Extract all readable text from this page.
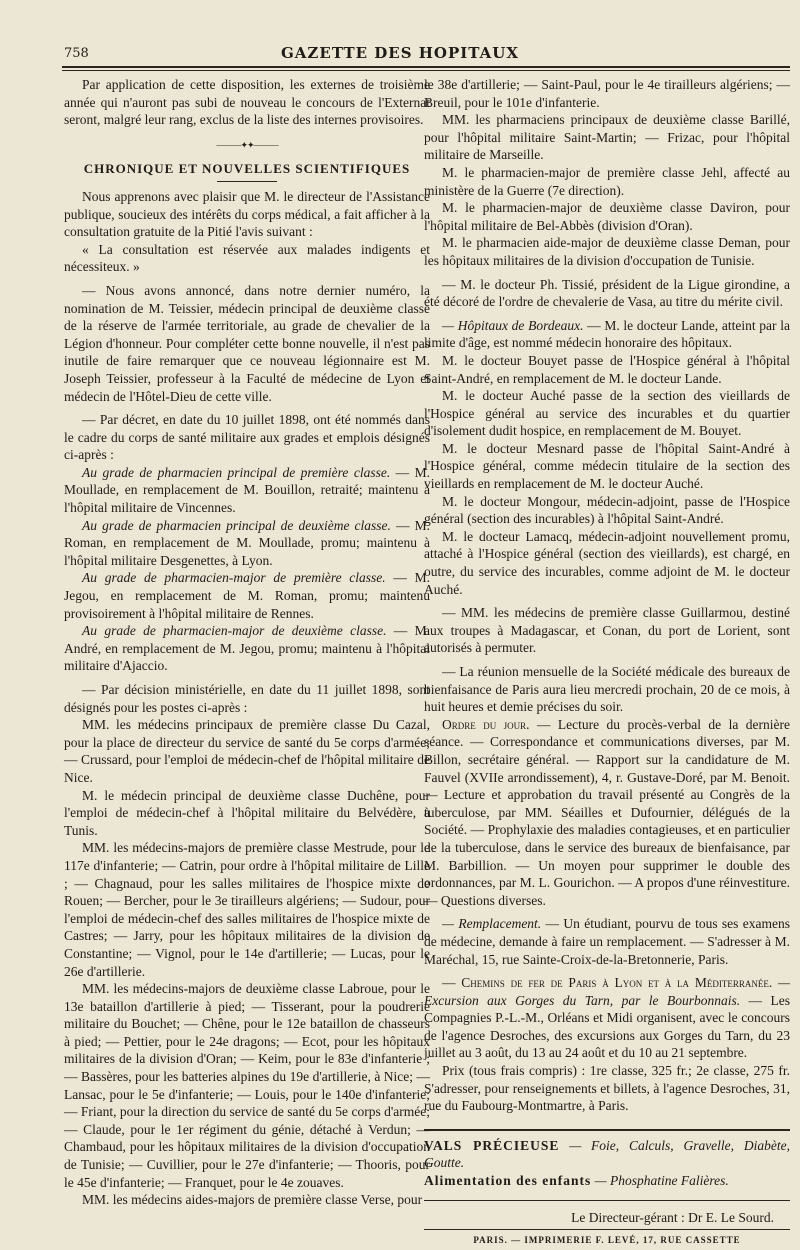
758	GAZETTE DES HOPITAUX

Par application de cette disposition, les externes de troisième année qui n'auront pas subi de nouveau le concours de l'Externat seront, malgré leur rang, exclus de la liste des internes provisoires.

———✦✦———
CHRONIQUE ET NOUVELLES SCIENTIFIQUES

Nous apprenons avec plaisir que M. le directeur de l'Assistance publique, soucieux des intérêts du corps médical, a fait afficher à la consultation gratuite de la Pitié l'avis suivant :

« La consultation est réservée aux malades indigents et nécessiteux. »

— Nous avons annoncé, dans notre dernier numéro, la nomination de M. Teissier, médecin principal de deuxième classe de la réserve de l'armée territoriale, au grade de chevalier de la Légion d'honneur. Pour compléter cette bonne nouvelle, il n'est pas inutile de faire remarquer que ce nouveau légionnaire est M. Joseph Teissier, professeur à la Faculté de médecine de Lyon et médecin de l'Hôtel-Dieu de cette ville.

— Par décret, en date du 10 juillet 1898, ont été nommés dans le cadre du corps de santé militaire aux grades et emplois désignés ci-après :

Au grade de pharmacien principal de première classe. — M. Moullade, en remplacement de M. Bouillon, retraité; maintenu à l'hôpital militaire de Vincennes.

Au grade de pharmacien principal de deuxième classe. — M. Roman, en remplacement de M. Moullade, promu; maintenu à l'hôpital militaire Desgenettes, à Lyon.

Au grade de pharmacien-major de première classe. — M. Jegou, en remplacement de M. Roman, promu; maintenu provisoirement à l'hôpital militaire de Rennes.

Au grade de pharmacien-major de deuxième classe. — M. André, en remplacement de M. Jegou, promu; maintenu à l'hôpital militaire d'Ajaccio.

— Par décision ministérielle, en date du 11 juillet 1898, sont désignés pour les postes ci-après :

MM. les médecins principaux de première classe Du Cazal, pour la place de directeur du service de santé du 5e corps d'armée; — Crussard, pour l'emploi de médecin-chef de l'hôpital militaire de Nice.

M. le médecin principal de deuxième classe Duchêne, pour l'emploi de médecin-chef à l'hôpital militaire du Belvédère, à Tunis.

MM. les médecins-majors de première classe Mestrude, pour le 117e d'infanterie; — Catrin, pour ordre à l'hôpital militaire de Lille ; — Chagnaud, pour les salles militaires de l'hospice mixte de Rouen; — Bercher, pour le 3e tirailleurs algériens; — Sudour, pour l'emploi de médecin-chef des salles militaires de l'hospice mixte de Castres; — Jarry, pour les hôpitaux militaires de la division de Constantine; — Vignol, pour le 14e d'artillerie; — Lucas, pour le 26e d'artillerie.

MM. les médecins-majors de deuxième classe Labroue, pour le 13e bataillon d'artillerie à pied; — Tisserant, pour la poudrerie militaire du Bouchet; — Chêne, pour le 12e bataillon de chasseurs à pied; — Pettier, pour le 24e dragons; — Ecot, pour les hôpitaux militaires de la division d'Oran; — Keim, pour le 83e d'infanterie ; — Bassères, pour les batteries alpines du 19e d'artillerie, à Nice; — Lansac, pour le 5e d'infanterie; — Louis, pour le 140e d'infanterie; — Friant, pour la direction du service de santé du 5e corps d'armée; — Claude, pour le 1er régiment du génie, détaché à Verdun; — Chambaud, pour les hôpitaux militaires de la division d'occupation de Tunisie; — Cuvillier, pour le 27e d'infanterie; — Thooris, pour le 45e d'infanterie; — Franquet, pour le 4e zouaves.

MM. les médecins aides-majors de première classe Verse, pour

le 38e d'artillerie; — Saint-Paul, pour le 4e tirailleurs algériens; — Breuil, pour le 101e d'infanterie.

MM. les pharmaciens principaux de deuxième classe Barillé, pour l'hôpital militaire Saint-Martin; — Frizac, pour l'hôpital militaire de Marseille.

M. le pharmacien-major de première classe Jehl, affecté au ministère de la Guerre (7e direction).

M. le pharmacien-major de deuxième classe Daviron, pour l'hôpital militaire de Bel-Abbès (division d'Oran).

M. le pharmacien aide-major de deuxième classe Deman, pour les hôpitaux militaires de la division d'occupation de Tunisie.

— M. le docteur Ph. Tissié, président de la Ligue girondine, a été décoré de l'ordre de chevalerie de Vasa, au titre du mérite civil.

— Hôpitaux de Bordeaux. — M. le docteur Lande, atteint par la limite d'âge, est nommé médecin honoraire des hôpitaux.

M. le docteur Bouyet passe de l'Hospice général à l'hôpital Saint-André, en remplacement de M. le docteur Lande.

M. le docteur Auché passe de la section des vieillards de l'Hospice général au service des incurables et du quartier d'isolement dudit hospice, en remplacement de M. Bouyet.

M. le docteur Mesnard passe de l'hôpital Saint-André à l'Hospice général, comme médecin titulaire de la section des vieillards en remplacement de M. le docteur Auché.

M. le docteur Mongour, médecin-adjoint, passe de l'Hospice général (section des incurables) à l'hôpital Saint-André.

M. le docteur Lamacq, médecin-adjoint nouvellement promu, attaché à l'Hospice général (section des vieillards), est chargé, en outre, du service des incurables, comme adjoint de M. le docteur Auché.

— MM. les médecins de première classe Guillarmou, destiné aux troupes à Madagascar, et Conan, du port de Lorient, sont autorisés à permuter.

— La réunion mensuelle de la Société médicale des bureaux de bienfaisance de Paris aura lieu mercredi prochain, 20 de ce mois, à huit heures et demie précises du soir.

Ordre du jour. — Lecture du procès-verbal de la dernière séance. — Correspondance et communications diverses, par M. Billon, secrétaire général. — Rapport sur la candidature de M. Fauvel (XVIIe arrondissement), 4, r. Gustave-Doré, par M. Benoit. — Lecture et approbation du travail présenté au Congrès de la tuberculose, par MM. Séailles et Dufournier, délégués de la Société. — Prophylaxie des maladies contagieuses, et en particulier de la tuberculose, dans le service des bureaux de bienfaisance, par M. Barbillion. — Un moyen pour supprimer le double des ordonnances, par M. L. Gourichon. — A propos d'une réinvestiture. — Questions diverses.

— Remplacement. — Un étudiant, pourvu de tous ses examens de médecine, demande à faire un remplacement. — S'adresser à M. Maréchal, 15, rue Sainte-Croix-de-la-Bretonnerie, Paris.

— Chemins de fer de Paris à Lyon et à la Méditerranée. — Excursion aux Gorges du Tarn, par le Bourbonnais. — Les Compagnies P.-L.-M., Orléans et Midi organisent, avec le concours de l'agence Desroches, des excursions aux Gorges du Tarn, du 23 juillet au 3 août, du 13 au 24 août et du 10 au 21 septembre.

Prix (tous frais compris) : 1re classe, 325 fr.; 2e classe, 275 fr. S'adresser, pour renseignements et billets, à l'agence Desroches, 31, rue du Faubourg-Montmartre, à Paris.

VALS PRÉCIEUSE — Foie, Calculs, Gravelle, Diabète, Goutte.
Alimentation des enfants — Phosphatine Falières.

Le Directeur-gérant : Dr E. Le Sourd.

PARIS. — IMPRIMERIE F. LEVÉ, 17, RUE CASSETTE
